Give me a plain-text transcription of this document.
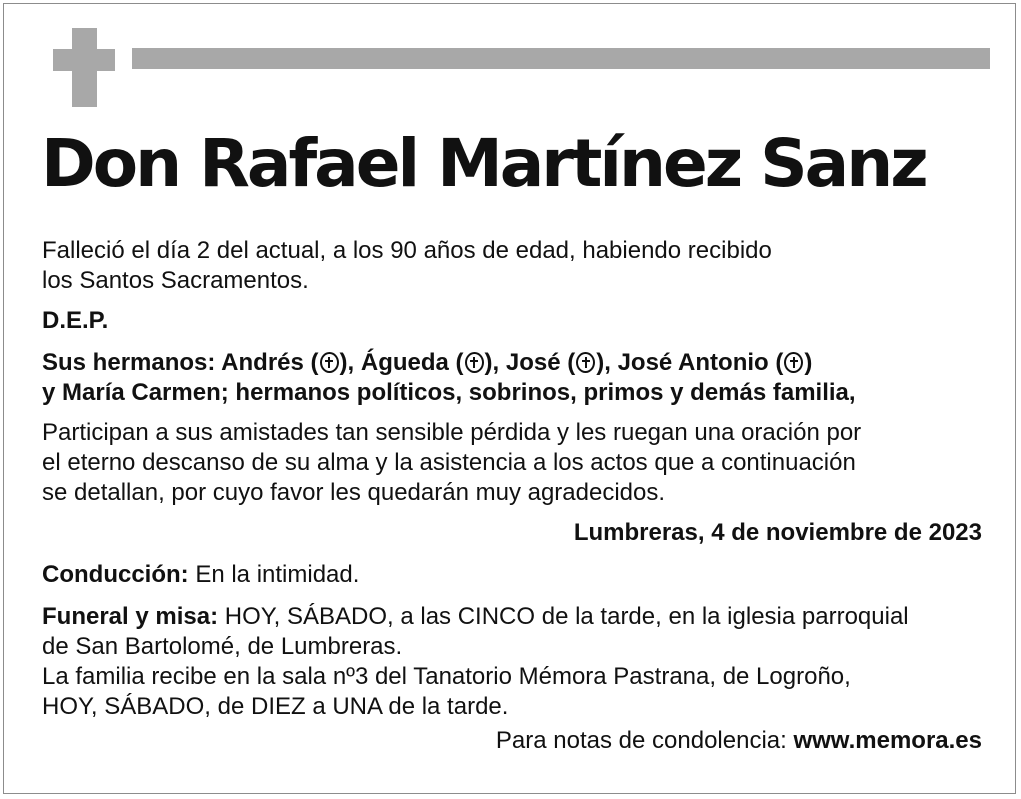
Don Rafael Martínez Sanz

Falleció el día 2 del actual, a los 90 años de edad, habiendo recibido
los Santos Sacramentos.

D.E.P.

Sus hermanos: Andrés ( ), Águeda ( ), José ( ), José Antonio ( )
y María Carmen; hermanos políticos, sobrinos, primos y demás familia,

Participan a sus amistades tan sensible pérdida y les ruegan una oración por
el eterno descanso de su alma y la asistencia a los actos que a continuación
se detallan, por cuyo favor les quedarán muy agradecidos.

Lumbreras, 4 de noviembre de 2023

Conducción: En la intimidad.

Funeral y misa: HOY, SÁBADO, a las CINCO de la tarde, en la iglesia parroquial
de San Bartolomé, de Lumbreras.
La familia recibe en la sala nº3 del Tanatorio Mémora Pastrana, de Logroño,
HOY, SÁBADO, de DIEZ a UNA de la tarde.

Para notas de condolencia: www.memora.es
